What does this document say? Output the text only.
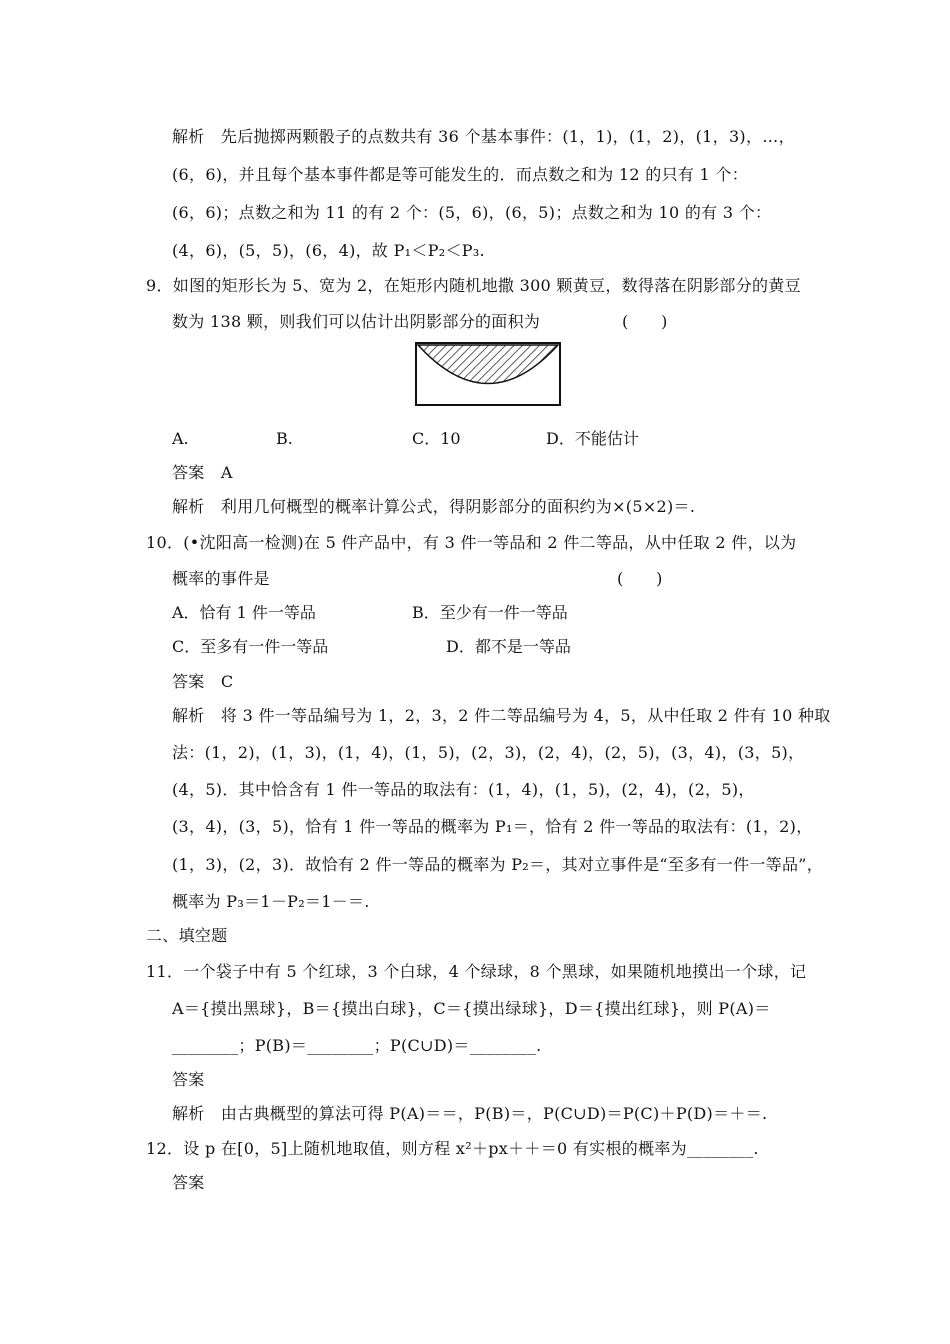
解析　先后抛掷两颗骰子的点数共有 36 个基本事件：(1，1)，(1，2)，(1，3)，…，
(6，6)，并且每个基本事件都是等可能发生的．而点数之和为 12 的只有 1 个：
(6，6)；点数之和为 11 的有 2 个：(5，6)，(6，5)；点数之和为 10 的有 3 个：
(4，6)，(5，5)，(6，4)，故 P₁＜P₂＜P₃.
9．如图的矩形长为 5、宽为 2，在矩形内随机地撒 300 颗黄豆，数得落在阴影部分的黄豆
数为 138 颗，则我们可以估计出阴影部分的面积为	(　　)
A.	B.	C．10	D．不能估计
答案　A
解析　利用几何概型的概率计算公式，得阴影部分的面积约为×(5×2)＝.
10．(•沈阳高一检测)在 5 件产品中，有 3 件一等品和 2 件二等品，从中任取 2 件，以为
概率的事件是	(　　)
A．恰有 1 件一等品	B．至少有一件一等品
C．至多有一件一等品	D．都不是一等品
答案　C
解析　将 3 件一等品编号为 1，2，3，2 件二等品编号为 4，5，从中任取 2 件有 10 种取
法：(1，2)，(1，3)，(1，4)，(1，5)，(2，3)，(2，4)，(2，5)，(3，4)，(3，5)，
(4，5)．其中恰含有 1 件一等品的取法有：(1，4)，(1，5)，(2，4)，(2，5)，
(3，4)，(3，5)，恰有 1 件一等品的概率为 P₁＝，恰有 2 件一等品的取法有：(1，2)，
(1，3)，(2，3)．故恰有 2 件一等品的概率为 P₂＝，其对立事件是“至多有一件一等品”，
概率为 P₃＝1－P₂＝1－＝.
二、填空题
11．一个袋子中有 5 个红球，3 个白球，4 个绿球，8 个黑球，如果随机地摸出一个球，记
A＝{摸出黑球}，B＝{摸出白球}，C＝{摸出绿球}，D＝{摸出红球}，则 P(A)＝
________；P(B)＝________；P(C∪D)＝________.
答案
解析　由古典概型的算法可得 P(A)＝＝，P(B)＝，P(C∪D)＝P(C)＋P(D)＝＋＝.
12．设 p 在[0，5]上随机地取值，则方程 x²＋px＋＋＝0 有实根的概率为________.
答案
